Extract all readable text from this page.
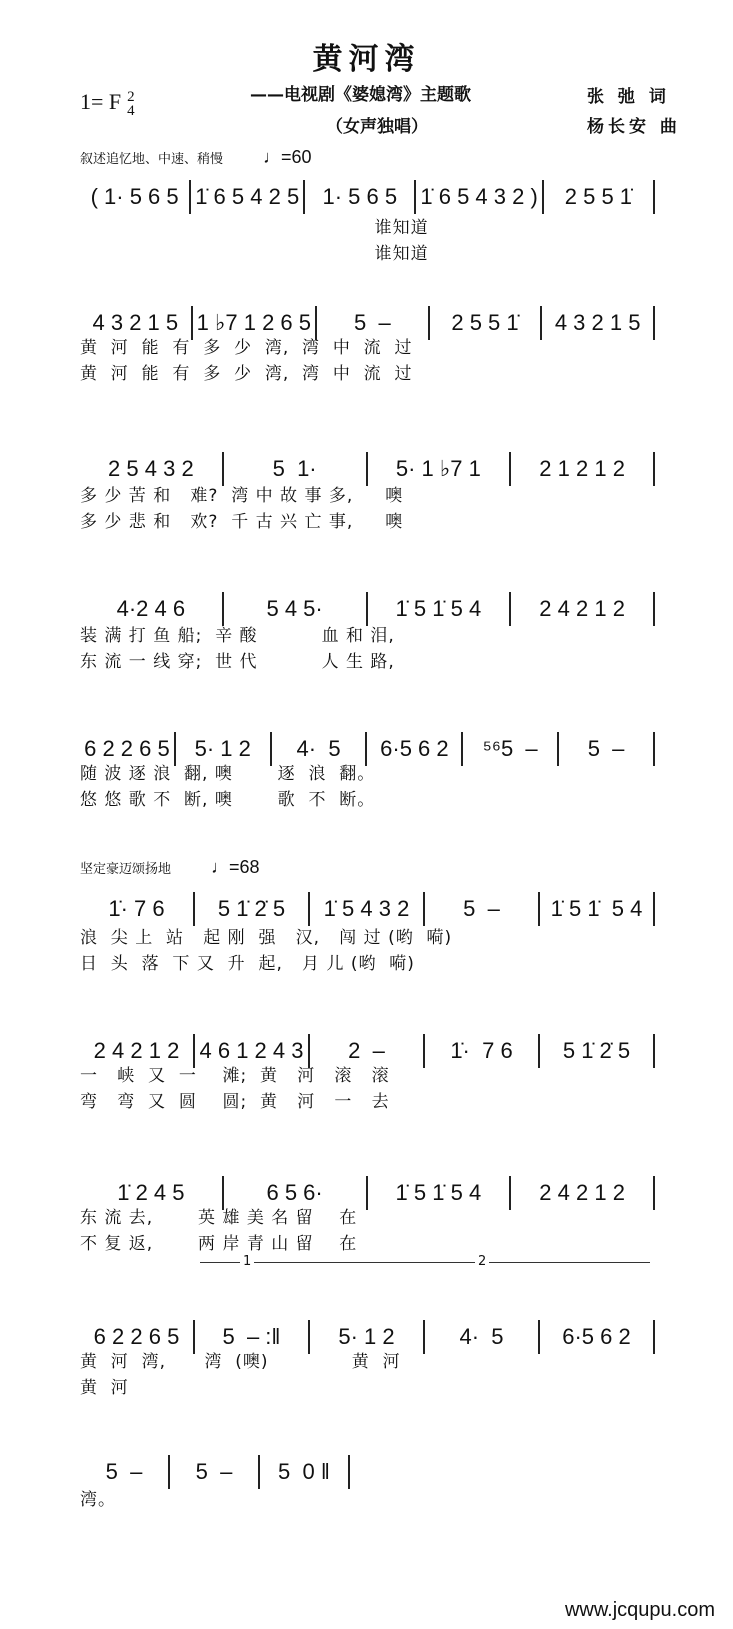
黄河湾
1= F 2
4
——电视剧《婆媳湾》主题歌
（女声独唱）
张 弛 词
杨长安 曲
叙述追忆地、中速、稍慢 ♩=60
坚定豪迈颂扬地 ♩=68
1	2
( 1· 5 6 5 1̇ 6 5 4 2 5	1· 5 6 5	1̇ 6 5 4 3 2 )	2 5 5 1̇
谁知道
谁知道
4 3 2 1 5 1 ♭7 1 2 6 5	5  –	2 5 5 1̇	4 3 2 1 5
黄  河  能  有  多  少  湾,  湾  中  流  过
黄  河  能  有  多  少  湾,  湾  中  流  过
2 5 4 3 2	5  1·	5· 1 ♭7 1	2 1 2 1 2
多 少 苦 和   难?  湾 中 故 事 多,     噢
多 少 悲 和   欢?  千 古 兴 亡 事,     噢
4·2 4 6	5 4 5·	1̇ 5 1̇ 5 4	2 4 2 1 2
装 满 打 鱼 船;  辛 酸          血 和 泪,
东 流 一 线 穿;  世 代          人 生 路,
6 2 2 6 5	5· 1 2	4·  5	6·5 6 2	⁵⁶5  –	5  –
随 波 逐 浪  翻, 噢       逐  浪  翻。
悠 悠 歌 不  断, 噢       歌  不  断。
1̇· 7 6	5 1̇ 2̇ 5	1̇ 5 4 3 2	5  –	1̇ 5 1̇  5 4
浪  尖 上  站   起 刚  强   汉,   闯 过 (哟  嗬)
日  头  落  下 又  升  起,   月 儿 (哟  嗬)
2 4 2 1 2 4 6 1 2 4 3	2  –	1̇·  7 6	5 1̇ 2̇ 5
一   峡  又  一    滩;  黄   河   滚   滚
弯   弯  又  圆    圆;  黄   河   一   去
1̇ 2 4 5	6 5 6·	1̇ 5 1̇ 5 4	2 4 2 1 2
东 流 去,       英 雄 美 名 留    在
不 复 返,       两 岸 青 山 留    在
6 2 2 6 5	5  – :‖	5· 1 2	4·  5	6·5 6 2
黄  河  湾,      湾  (噢)             黄  河
黄  河
5  –	5  –	5  0 ‖
湾。
www.jcqupu.com
